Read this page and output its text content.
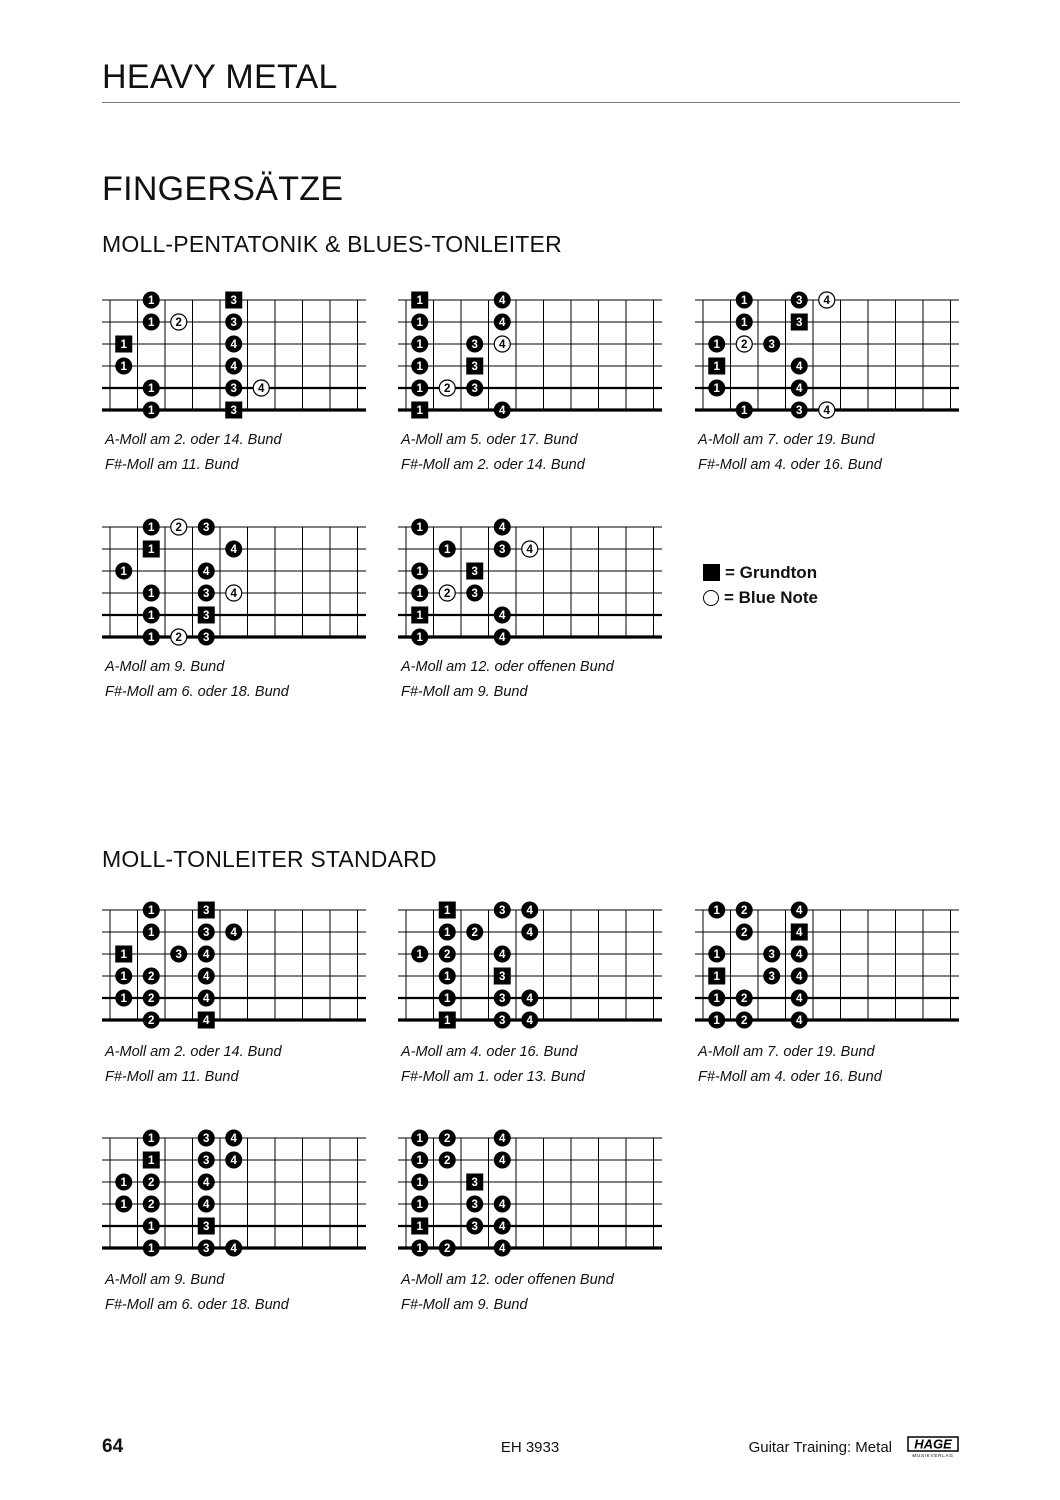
HEAVY METAL
FINGERSÄTZE
MOLL-PENTATONIK & BLUES-TONLEITER
MOLL-TONLEITER STANDARD
= Grundton
= Blue Note
64	EH 3933	Guitar Training: Metal HAGE
MUSIKVERLAG
1	3
1 2	3
1	4
1	4
1	3 4
1	3
A-Moll am 2. oder 14. Bund
F#-Moll am 11. Bund
1	4
1	4
1	3 4
1	3
1 2 3
1	4
A-Moll am 5. oder 17. Bund
F#-Moll am 2. oder 14. Bund
1	3 4
1	3
1 2 3
1	4
1	4
1	3 4
A-Moll am 7. oder 19. Bund
F#-Moll am 4. oder 16. Bund
1 2 3
1	4
1	4
1	3 4
1	3
1 2 3
A-Moll am 9. Bund
F#-Moll am 6. oder 18. Bund
1	4
1	3 4
1	3
1 2 3
1	4
1	4
A-Moll am 12. oder offenen Bund
F#-Moll am 9. Bund
1	3
1	3 4
1	3 4
1 2	4
1 2	4
2	4
A-Moll am 2. oder 14. Bund
F#-Moll am 11. Bund
1	3 4
1 2	4
1 2	4
1	3
1	3 4
1	3 4
A-Moll am 4. oder 16. Bund
F#-Moll am 1. oder 13. Bund
1 2	4
2	4
1	3 4
1	3 4
1 2	4
1 2	4
A-Moll am 7. oder 19. Bund
F#-Moll am 4. oder 16. Bund
1	3 4
1	3 4
1 2	4
1 2	4
1	3
1	3 4
A-Moll am 9. Bund
F#-Moll am 6. oder 18. Bund
1 2	4
1 2	4
1	3
1	3 4
1	3 4
1 2	4
A-Moll am 12. oder offenen Bund
F#-Moll am 9. Bund
